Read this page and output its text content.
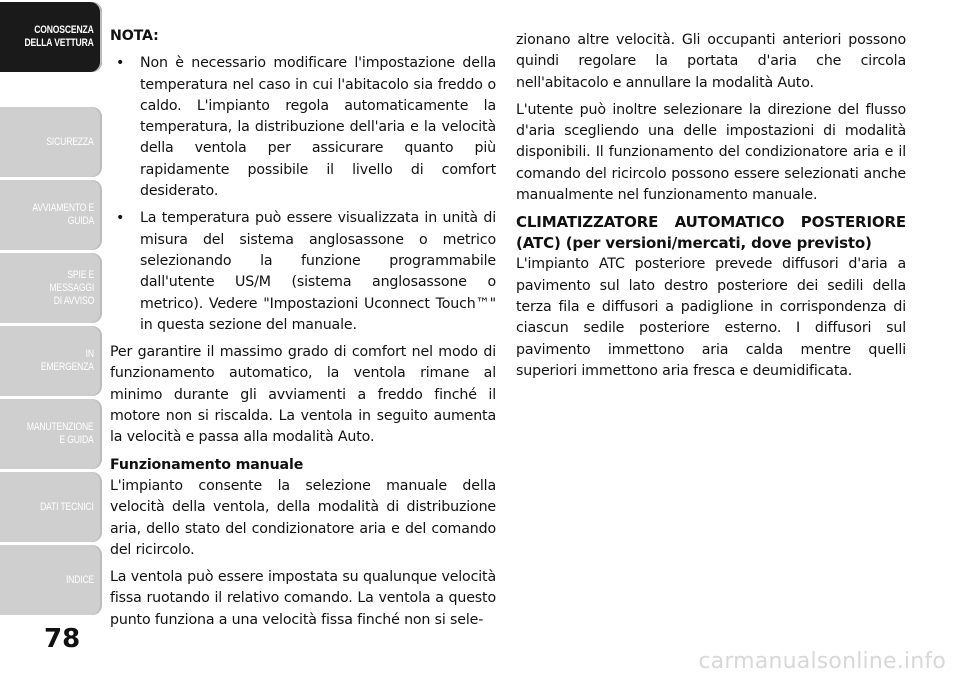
CONOSCENZA
DELLA VETTURA
SICUREZZA
AVVIAMENTO E
GUIDA
SPIE E
MESSAGGI
DI AVVISO
IN
EMERGENZA
MANUTENZIONE
E GUIDA
DATI TECNICI
INDICE
78

NOTA:

• Non è necessario modificare l'impostazione della temperatura nel caso in cui l'abitacolo sia freddo o caldo. L'impianto regola automaticamente la temperatura, la distribuzione dell'aria e la velocità della ventola per assicurare quanto più rapidamente possibile il livello di comfort desiderato.
• La temperatura può essere visualizzata in unità di misura del sistema anglosassone o metrico selezionando la funzione programmabile dall'utente US/M (sistema anglosassone o metrico). Vedere "Impostazioni Uconnect Touch™" in questa sezione del manuale.

Per garantire il massimo grado di comfort nel modo di funzionamento automatico, la ventola rimane al minimo durante gli avviamenti a freddo finché il motore non si riscalda. La ventola in seguito aumenta la velocità e passa alla modalità Auto.

Funzionamento manuale

L'impianto consente la selezione manuale della velocità della ventola, della modalità di distribuzione aria, dello stato del condizionatore aria e del comando del ricircolo.

La ventola può essere impostata su qualunque velocità fissa ruotando il relativo comando. La ventola a questo punto funziona a una velocità fissa finché non si sele-

zionano altre velocità. Gli occupanti anteriori possono quindi regolare la portata d'aria che circola nell'abitacolo e annullare la modalità Auto.

L'utente può inoltre selezionare la direzione del flusso d'aria scegliendo una delle impostazioni di modalità disponibili. Il funzionamento del condizionatore aria e il comando del ricircolo possono essere selezionati anche manualmente nel funzionamento manuale.

CLIMATIZZATORE AUTOMATICO POSTERIORE (ATC) (per versioni/mercati, dove previsto)

L'impianto ATC posteriore prevede diffusori d'aria a pavimento sul lato destro posteriore dei sedili della terza fila e diffusori a padiglione in corrispondenza di ciascun sedile posteriore esterno. I diffusori sul pavimento immettono aria calda mentre quelli superiori immettono aria fresca e deumidificata.

carmanualsonline.info
